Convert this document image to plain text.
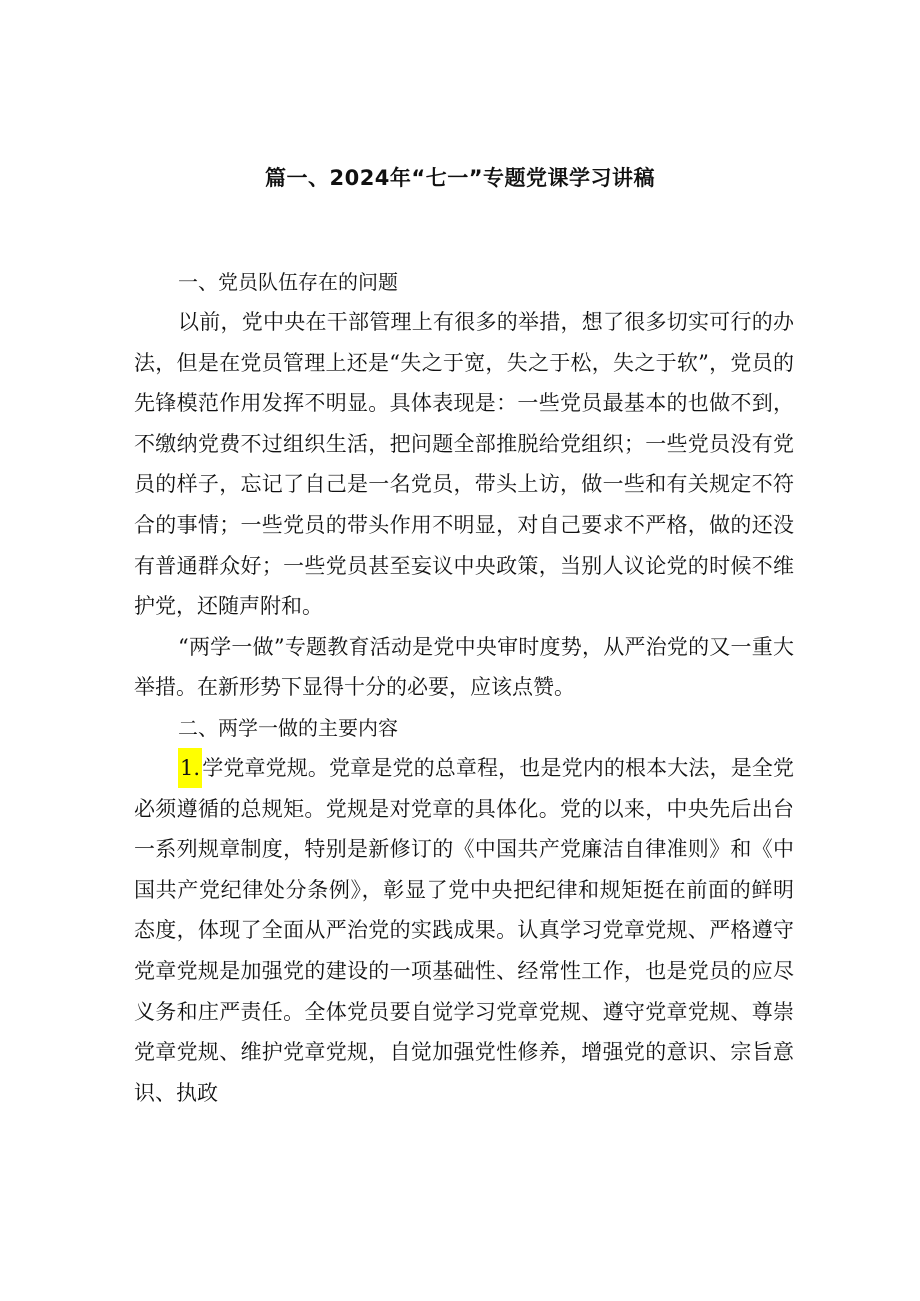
篇一、2024年“七一”专题党课学习讲稿
一、党员队伍存在的问题

以前，党中央在干部管理上有很多的举措，想了很多切实可行的办法，但是在党员管理上还是“失之于宽，失之于松，失之于软”，党员的先锋模范作用发挥不明显。具体表现是：一些党员最基本的也做不到，不缴纳党费不过组织生活，把问题全部推脱给党组织；一些党员没有党员的样子，忘记了自己是一名党员，带头上访，做一些和有关规定不符合的事情；一些党员的带头作用不明显，对自己要求不严格，做的还没有普通群众好；一些党员甚至妄议中央政策，当别人议论党的时候不维护党，还随声附和。

“两学一做”专题教育活动是党中央审时度势，从严治党的又一重大举措。在新形势下显得十分的必要，应该点赞。

二、两学一做的主要内容

1.学党章党规。党章是党的总章程，也是党内的根本大法，是全党必须遵循的总规矩。党规是对党章的具体化。党的以来，中央先后出台一系列规章制度，特别是新修订的《中国共产党廉洁自律准则》和《中国共产党纪律处分条例》，彰显了党中央把纪律和规矩挺在前面的鲜明态度，体现了全面从严治党的实践成果。认真学习党章党规、严格遵守党章党规是加强党的建设的一项基础性、经常性工作，也是党员的应尽义务和庄严责任。全体党员要自觉学习党章党规、遵守党章党规、尊崇党章党规、维护党章党规，自觉加强党性修养，增强党的意识、宗旨意识、执政
